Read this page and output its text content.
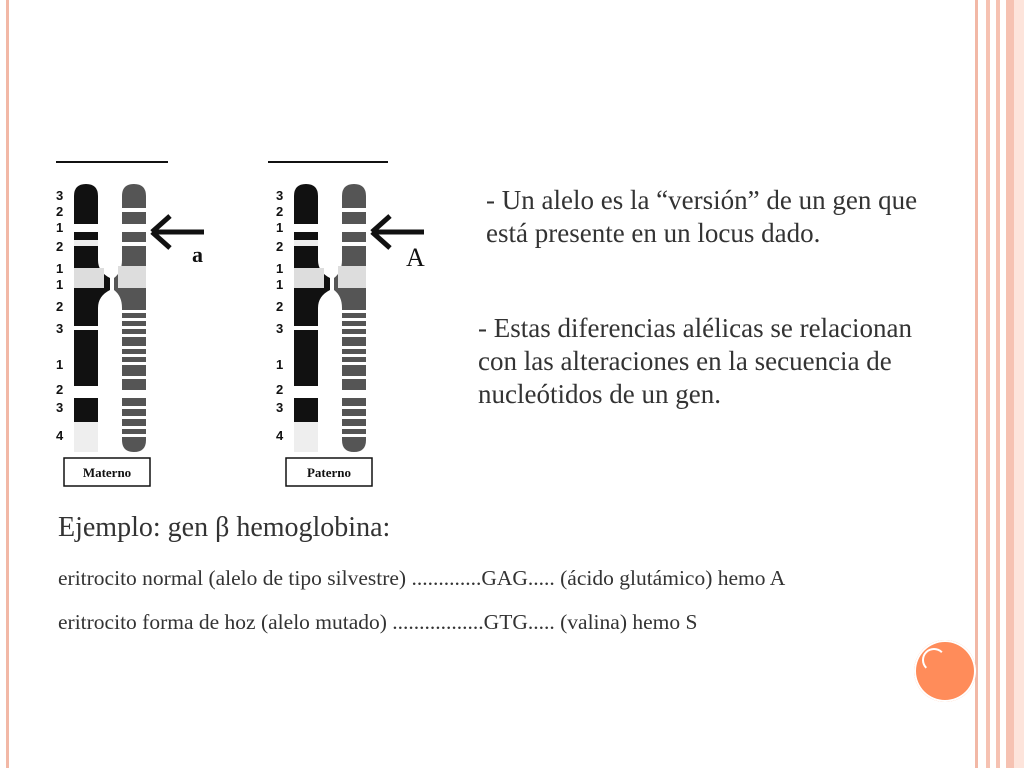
3
2
1
2
1
1
2
3
1
2
3
4
a
Materno
3
2
1
2
1
1
2
3
1
2
3
4
A
Paterno
- Un alelo es la “versión” de un gen que está presente en un locus dado.
- Estas diferencias alélicas se relacionan con las alteraciones en la secuencia de nucleótidos de un gen.
Ejemplo: gen β hemoglobina:
eritrocito normal (alelo de tipo silvestre) .............GAG..... (ácido glutámico) hemo A
eritrocito forma de hoz (alelo mutado) .................GTG..... (valina) hemo S
